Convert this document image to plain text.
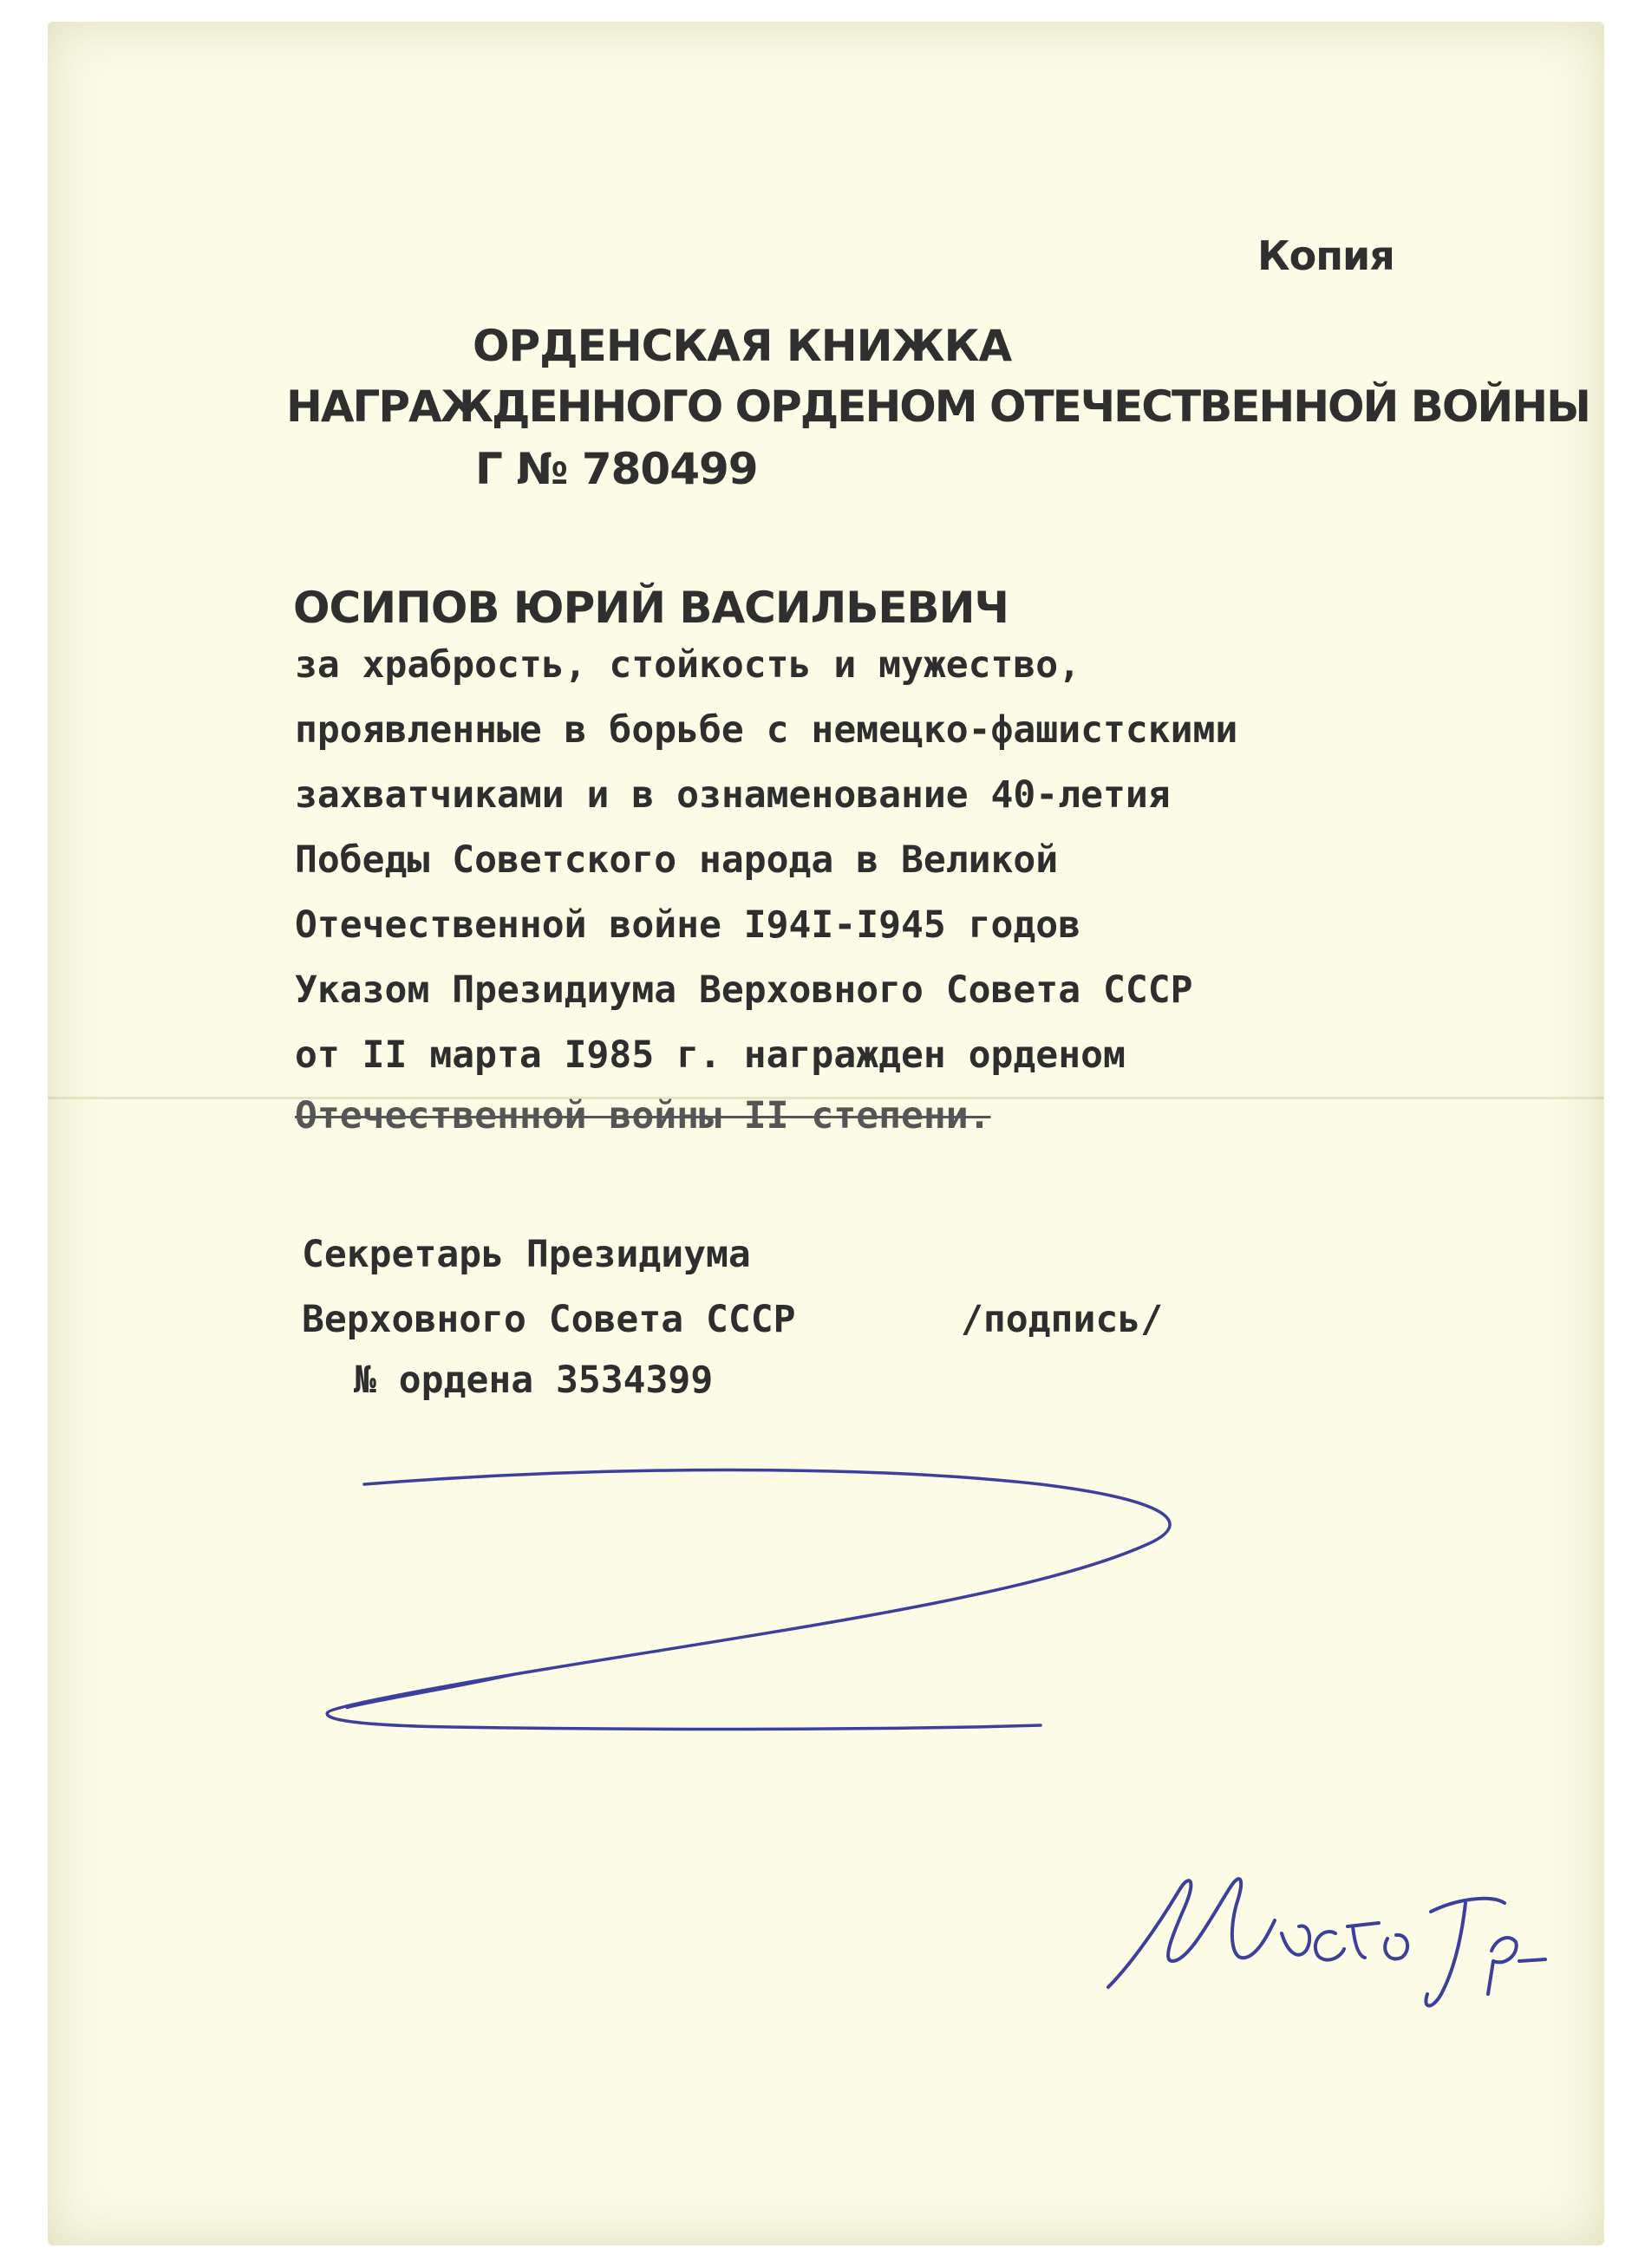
Копия
ОРДЕНСКАЯ КНИЖКА
НАГРАЖДЕННОГО ОРДЕНОМ ОТЕЧЕСТВЕННОЙ ВОЙНЫ
Г № 780499
ОСИПОВ ЮРИЙ ВАСИЛЬЕВИЧ
за храбрость, стойкость и мужество,
проявленные в борьбе с немецко-фашистскими
захватчиками и в ознаменование 40-летия
Победы Советского народа в Великой
Отечественной войне I94I-I945 годов
Указом Президиума Верховного Совета СССР
от II марта I985 г. награжден орденом
Отечественной войны II степени.
Секретарь Президиума
Верховного Совета СССР	/подпись/
№ ордена 3534399
